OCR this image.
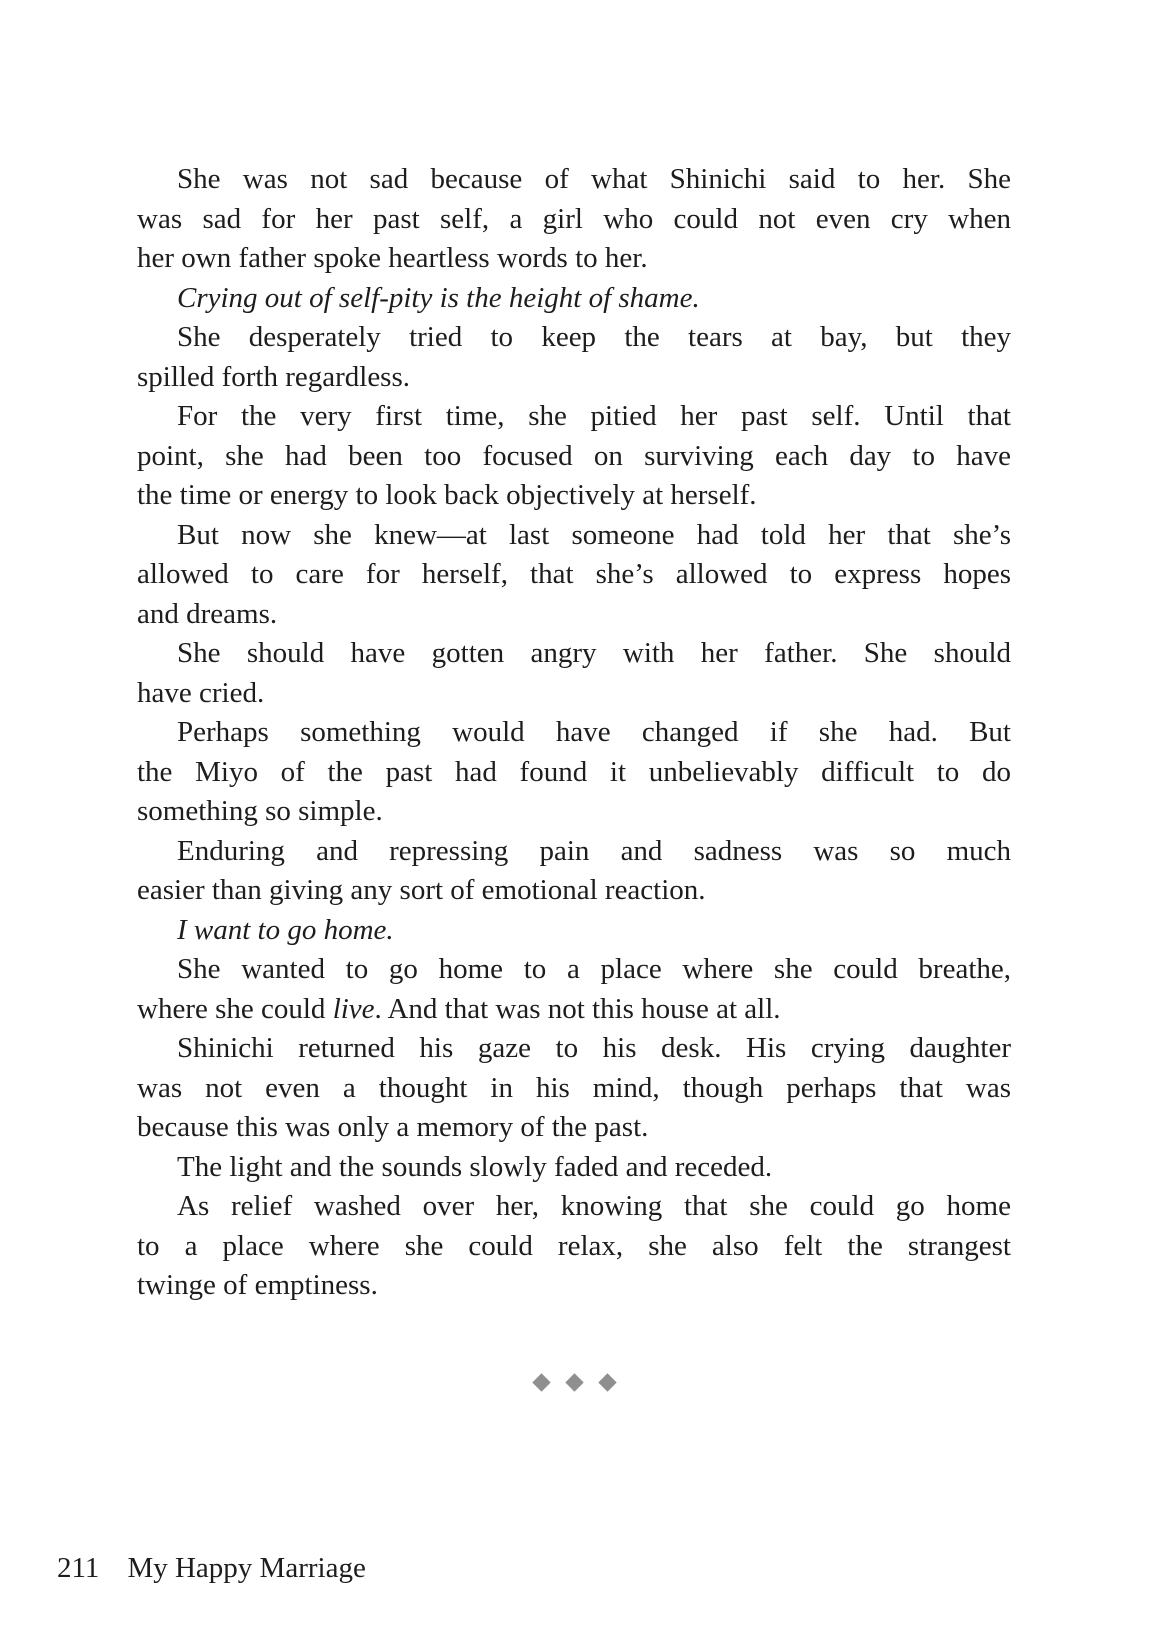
She was not sad because of what Shinichi said to her. She
was sad for her past self, a girl who could not even cry when
her own father spoke heartless words to her.
Crying out of self-pity is the height of shame.
She desperately tried to keep the tears at bay, but they
spilled forth regardless.
For the very first time, she pitied her past self. Until that
point, she had been too focused on surviving each day to have
the time or energy to look back objectively at herself.
But now she knew—at last someone had told her that she’s
allowed to care for herself, that she’s allowed to express hopes
and dreams.
She should have gotten angry with her father. She should
have cried.
Perhaps something would have changed if she had. But
the Miyo of the past had found it unbelievably difficult to do
something so simple.
Enduring and repressing pain and sadness was so much
easier than giving any sort of emotional reaction.
I want to go home.
She wanted to go home to a place where she could breathe,
where she could live. And that was not this house at all.
Shinichi returned his gaze to his desk. His crying daughter
was not even a thought in his mind, though perhaps that was
because this was only a memory of the past.
The light and the sounds slowly faded and receded.
As relief washed over her, knowing that she could go home
to a place where she could relax, she also felt the strangest
twinge of emptiness.
211 My Happy Marriage
